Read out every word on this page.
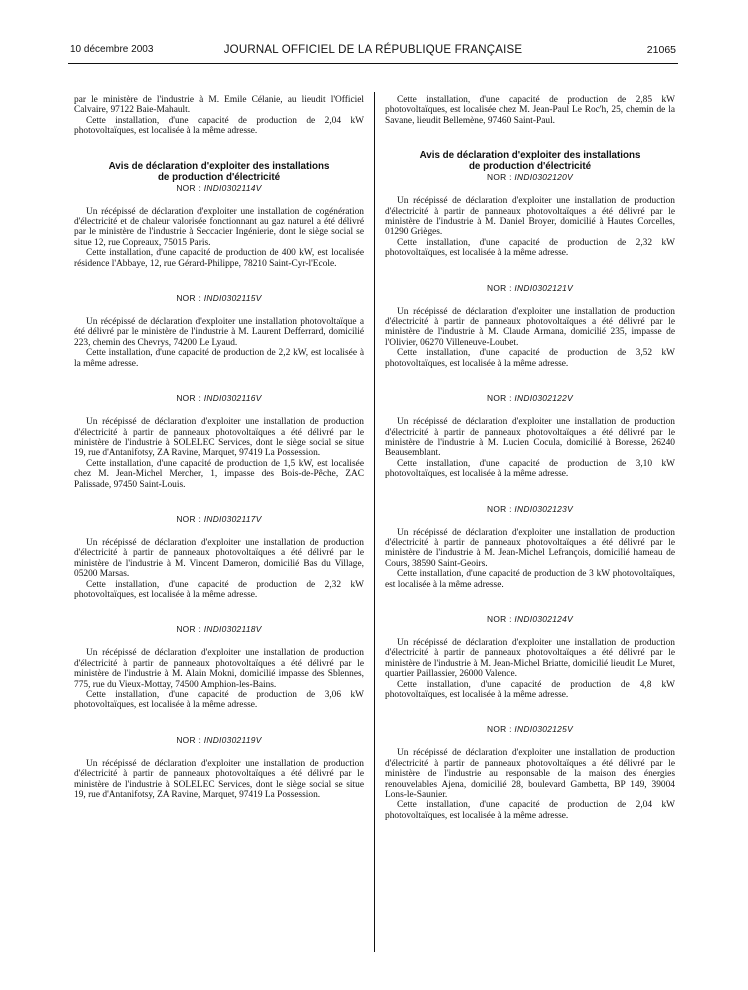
10 décembre 2003	JOURNAL OFFICIEL DE LA RÉPUBLIQUE FRANÇAISE	21065

par le ministère de l'industrie à M. Emile Célanie, au lieudit l'Officiel Calvaire, 97122 Baie-Mahault.

Cette installation, d'une capacité de production de 2,04 kW photovoltaïques, est localisée à la même adresse.

Avis de déclaration d'exploiter des installations
de production d'électricité
NOR : INDI0302114V

Un récépissé de déclaration d'exploiter une installation de cogénération d'électricité et de chaleur valorisée fonctionnant au gaz naturel a été délivré par le ministère de l'industrie à Seccacier Ingénierie, dont le siège social se situe 12, rue Copreaux, 75015 Paris.

Cette installation, d'une capacité de production de 400 kW, est localisée résidence l'Abbaye, 12, rue Gérard-Philippe, 78210 Saint-Cyr-l'Ecole.

NOR : INDI0302115V

Un récépissé de déclaration d'exploiter une installation photovoltaïque a été délivré par le ministère de l'industrie à M. Laurent Defferrard, domicilié 223, chemin des Chevrys, 74200 Le Lyaud.

Cette installation, d'une capacité de production de 2,2 kW, est localisée à la même adresse.

NOR : INDI0302116V

Un récépissé de déclaration d'exploiter une installation de production d'électricité à partir de panneaux photovoltaïques a été délivré par le ministère de l'industrie à SOLELEC Services, dont le siège social se situe 19, rue d'Antanifotsy, ZA Ravine, Marquet, 97419 La Possession.

Cette installation, d'une capacité de production de 1,5 kW, est localisée chez M. Jean-Michel Mercher, 1, impasse des Bois-de-Pêche, ZAC Palissade, 97450 Saint-Louis.

NOR : INDI0302117V

Un récépissé de déclaration d'exploiter une installation de production d'électricité à partir de panneaux photovoltaïques a été délivré par le ministère de l'industrie à M. Vincent Dameron, domicilié Bas du Village, 05200 Marsas.

Cette installation, d'une capacité de production de 2,32 kW photovoltaïques, est localisée à la même adresse.

NOR : INDI0302118V

Un récépissé de déclaration d'exploiter une installation de production d'électricité à partir de panneaux photovoltaïques a été délivré par le ministère de l'industrie à M. Alain Mokni, domicilié impasse des Sblennes, 775, rue du Vieux-Mottay, 74500 Amphion-les-Bains.

Cette installation, d'une capacité de production de 3,06 kW photovoltaïques, est localisée à la même adresse.

NOR : INDI0302119V

Un récépissé de déclaration d'exploiter une installation de production d'électricité à partir de panneaux photovoltaïques a été délivré par le ministère de l'industrie à SOLELEC Services, dont le siège social se situe 19, rue d'Antanifotsy, ZA Ravine, Marquet, 97419 La Possession.

Cette installation, d'une capacité de production de 2,85 kW photovoltaïques, est localisée chez M. Jean-Paul Le Roc'h, 25, chemin de la Savane, lieudit Bellemène, 97460 Saint-Paul.

Avis de déclaration d'exploiter des installations
de production d'électricité
NOR : INDI0302120V

Un récépissé de déclaration d'exploiter une installation de production d'électricité à partir de panneaux photovoltaïques a été délivré par le ministère de l'industrie à M. Daniel Broyer, domicilié à Hautes Corcelles, 01290 Grièges.

Cette installation, d'une capacité de production de 2,32 kW photovoltaïques, est localisée à la même adresse.

NOR : INDI0302121V

Un récépissé de déclaration d'exploiter une installation de production d'électricité à partir de panneaux photovoltaïques a été délivré par le ministère de l'industrie à M. Claude Armana, domicilié 235, impasse de l'Olivier, 06270 Villeneuve-Loubet.

Cette installation, d'une capacité de production de 3,52 kW photovoltaïques, est localisée à la même adresse.

NOR : INDI0302122V

Un récépissé de déclaration d'exploiter une installation de production d'électricité à partir de panneaux photovoltaïques a été délivré par le ministère de l'industrie à M. Lucien Cocula, domicilié à Boresse, 26240 Beausemblant.

Cette installation, d'une capacité de production de 3,10 kW photovoltaïques, est localisée à la même adresse.

NOR : INDI0302123V

Un récépissé de déclaration d'exploiter une installation de production d'électricité à partir de panneaux photovoltaïques a été délivré par le ministère de l'industrie à M. Jean-Michel Lefrançois, domicilié hameau de Cours, 38590 Saint-Geoirs.

Cette installation, d'une capacité de production de 3 kW photovoltaïques, est localisée à la même adresse.

NOR : INDI0302124V

Un récépissé de déclaration d'exploiter une installation de production d'électricité à partir de panneaux photovoltaïques a été délivré par le ministère de l'industrie à M. Jean-Michel Briatte, domicilié lieudit Le Muret, quartier Paillassier, 26000 Valence.

Cette installation, d'une capacité de production de 4,8 kW photovoltaïques, est localisée à la même adresse.

NOR : INDI0302125V

Un récépissé de déclaration d'exploiter une installation de production d'électricité à partir de panneaux photovoltaïques a été délivré par le ministère de l'industrie au responsable de la maison des énergies renouvelables Ajena, domicilié 28, boulevard Gambetta, BP 149, 39004 Lons-le-Saunier.

Cette installation, d'une capacité de production de 2,04 kW photovoltaïques, est localisée à la même adresse.
